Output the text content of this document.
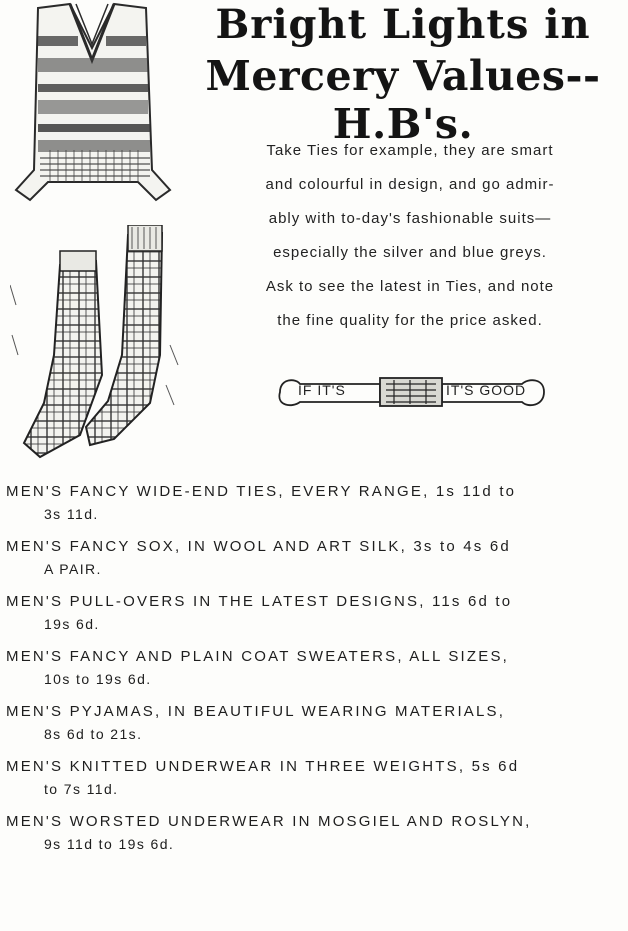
Bright Lights in
Mercery Values--H.B's.
Take Ties for example, they are smart
and colourful in design, and go admir-
ably with to-day's fashionable suits—
especially the silver and blue greys.
Ask to see the latest in Ties, and note
the fine quality for the price asked.
IF IT'S	IT'S GOOD
MEN'S FANCY WIDE-END TIES, EVERY RANGE, 1s 11d to
3s 11d.
MEN'S FANCY SOX, IN WOOL AND ART SILK, 3s to 4s 6d
A PAIR.
MEN'S PULL-OVERS IN THE LATEST DESIGNS, 11s 6d to
19s 6d.
MEN'S FANCY AND PLAIN COAT SWEATERS, ALL SIZES,
10s to 19s 6d.
MEN'S PYJAMAS, IN BEAUTIFUL WEARING MATERIALS,
8s 6d to 21s.
MEN'S KNITTED UNDERWEAR IN THREE WEIGHTS, 5s 6d
to 7s 11d.
MEN'S WORSTED UNDERWEAR IN MOSGIEL AND ROSLYN,
9s 11d to 19s 6d.
